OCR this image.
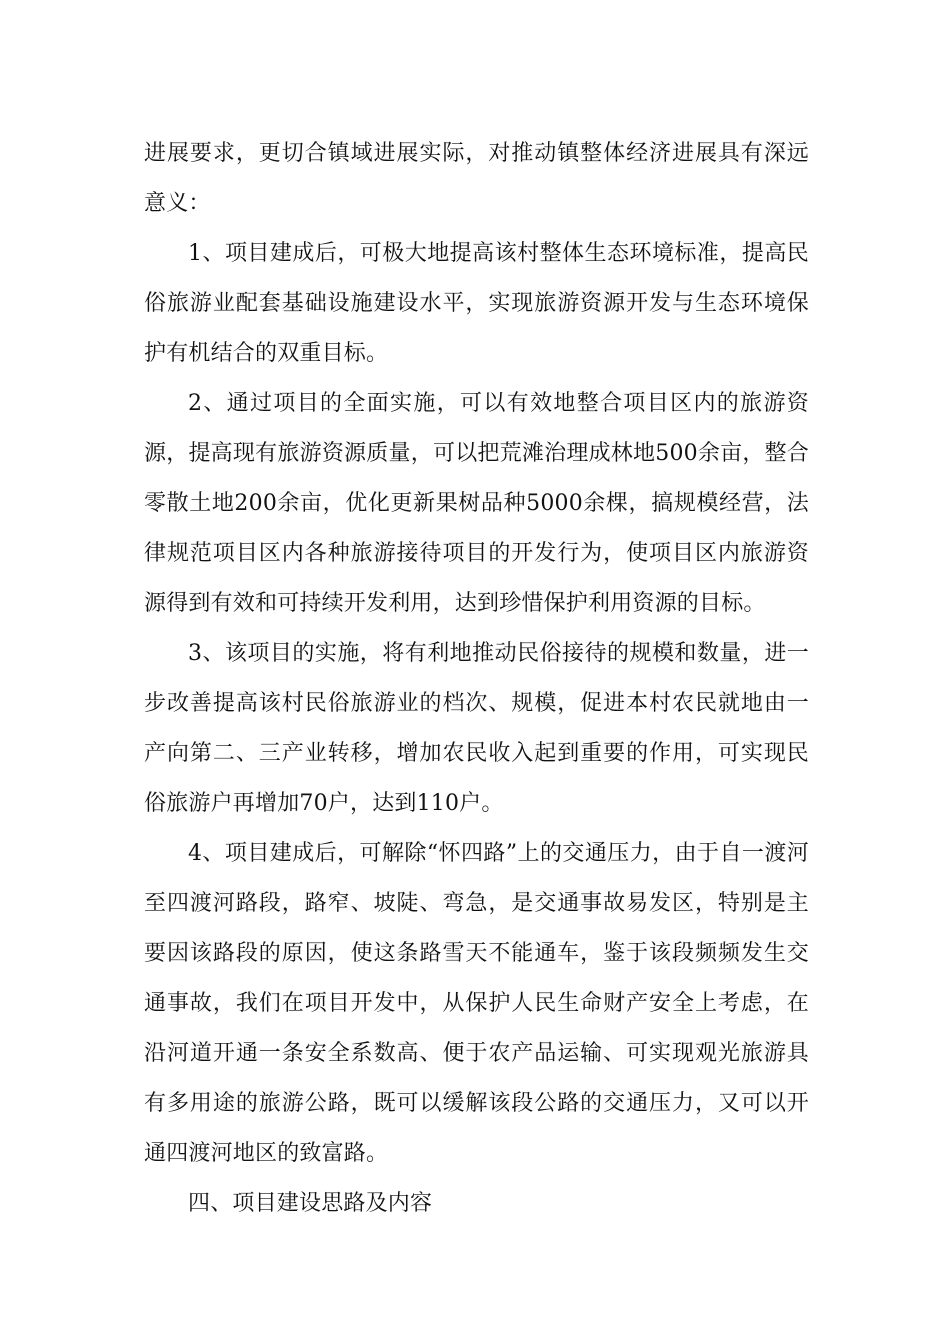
进展要求，更切合镇域进展实际，对推动镇整体经济进展具有深远意义：

1、项目建成后，可极大地提高该村整体生态环境标准，提高民俗旅游业配套基础设施建设水平，实现旅游资源开发与生态环境保护有机结合的双重目标。

2、通过项目的全面实施，可以有效地整合项目区内的旅游资源，提高现有旅游资源质量，可以把荒滩治理成林地500余亩，整合零散土地200余亩，优化更新果树品种5000余棵，搞规模经营，法律规范项目区内各种旅游接待项目的开发行为，使项目区内旅游资源得到有效和可持续开发利用，达到珍惜保护利用资源的目标。

3、该项目的实施，将有利地推动民俗接待的规模和数量，进一步改善提高该村民俗旅游业的档次、规模，促进本村农民就地由一产向第二、三产业转移，增加农民收入起到重要的作用，可实现民俗旅游户再增加70户，达到110户。

4、项目建成后，可解除“怀四路”上的交通压力，由于自一渡河至四渡河路段，路窄、坡陡、弯急，是交通事故易发区，特别是主要因该路段的原因，使这条路雪天不能通车，鉴于该段频频发生交通事故，我们在项目开发中，从保护人民生命财产安全上考虑，在沿河道开通一条安全系数高、便于农产品运输、可实现观光旅游具有多用途的旅游公路，既可以缓解该段公路的交通压力，又可以开通四渡河地区的致富路。

四、项目建设思路及内容
